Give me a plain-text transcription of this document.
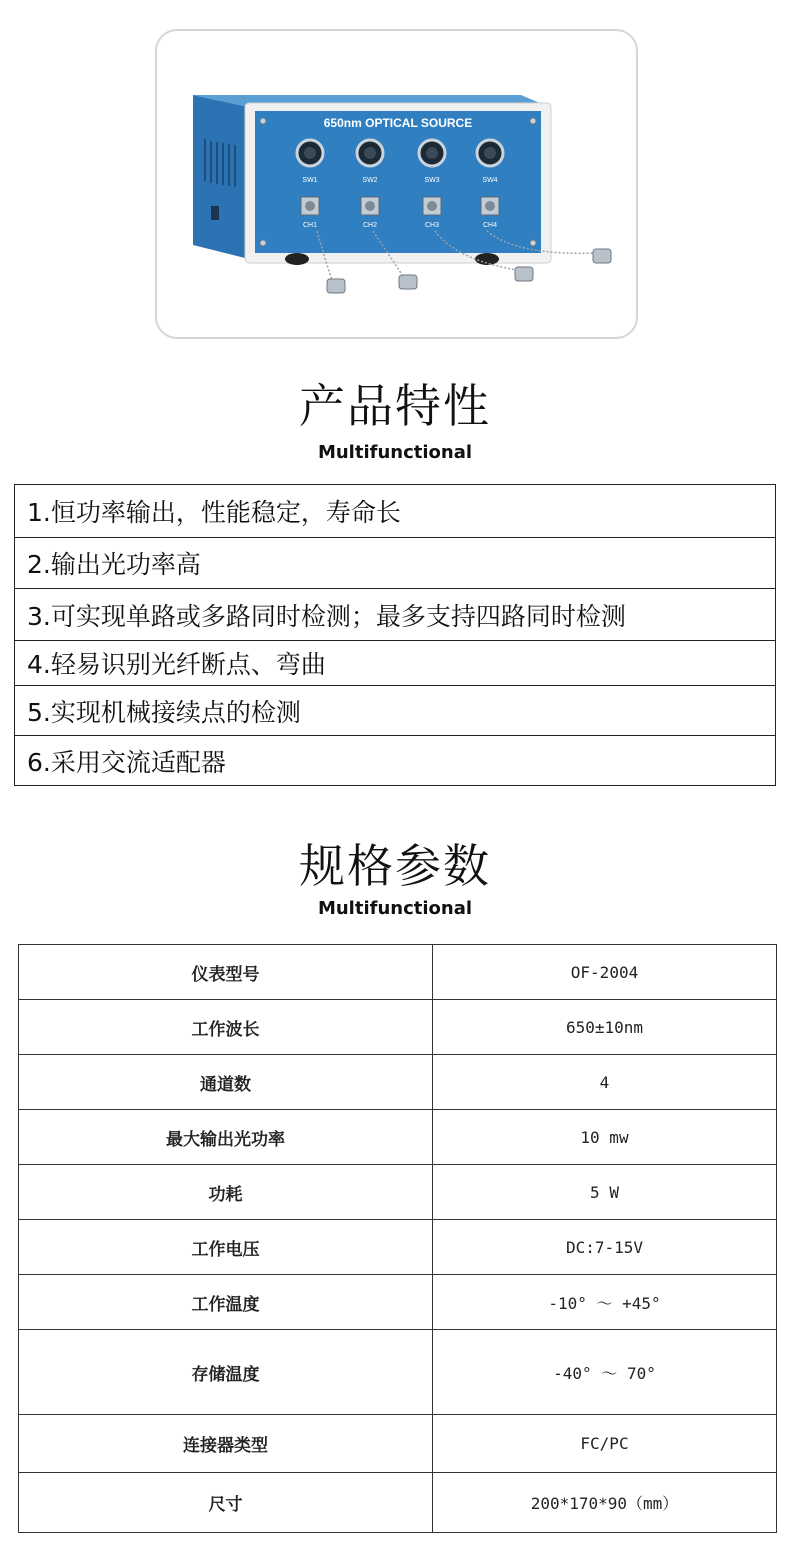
650nm OPTICAL SOURCE
SW1	SW2	SW3	SW4
CH1	CH2	CH3	CH4
产品特性
Multifunctional
1.恒功率输出，性能稳定，寿命长
2.输出光功率高
3.可实现单路或多路同时检测；最多支持四路同时检测
4.轻易识别光纤断点、弯曲
5.实现机械接续点的检测
6.采用交流适配器
规格参数
Multifunctional
仪表型号	OF-2004
工作波长	650±10nm
通道数	4
最大输出光功率	10 mw
功耗	5 W
工作电压	DC:7-15V
工作温度	-10° ～ +45°
存储温度	-40° ～ 70°
连接器类型	FC/PC
尺寸	200*170*90（mm）
